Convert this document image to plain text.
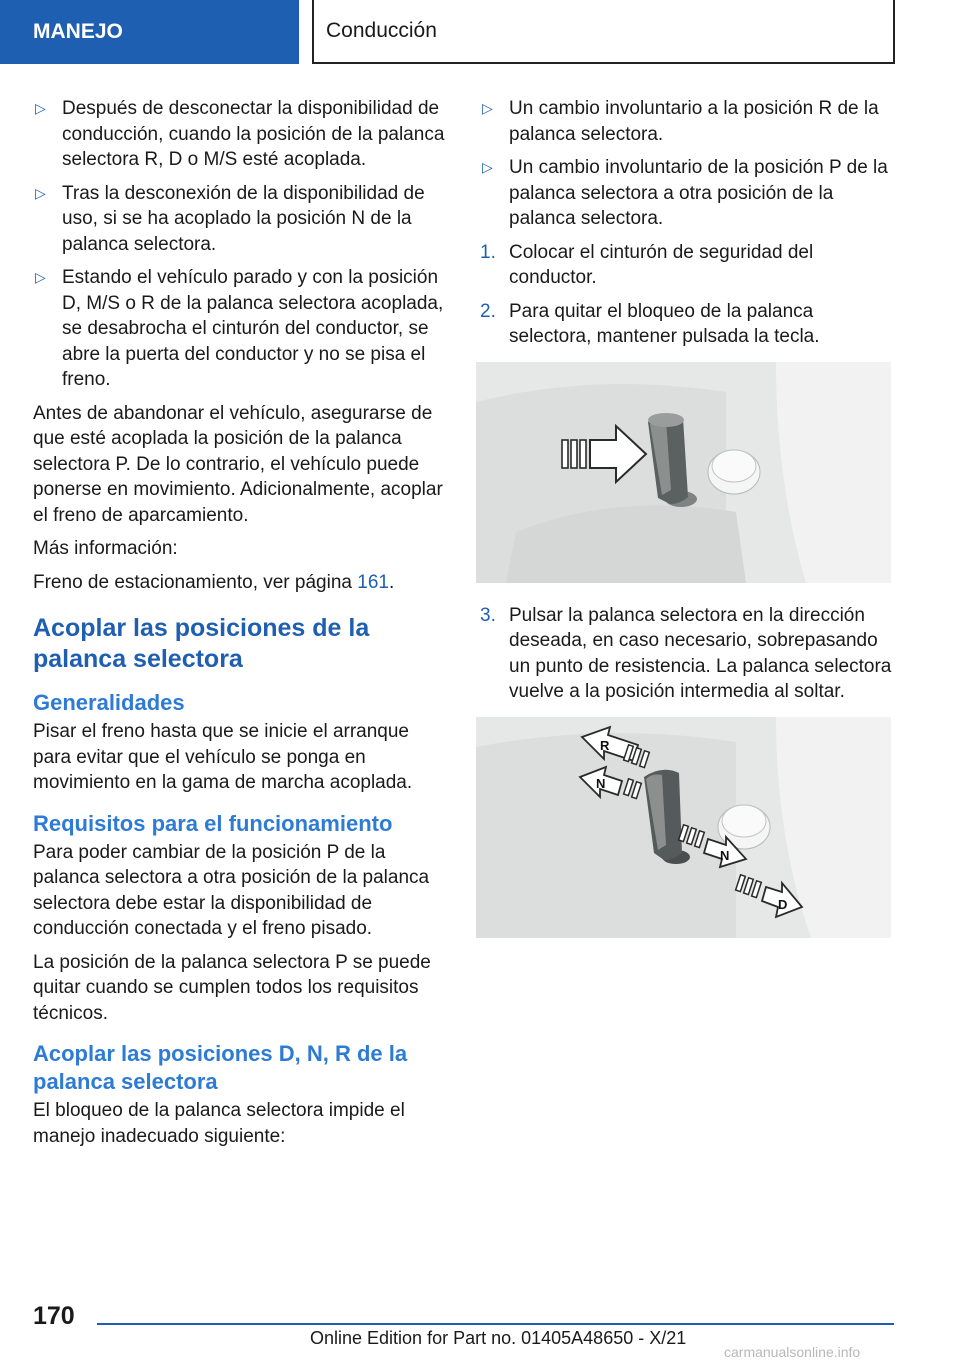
MANEJO	Conducción
▷ Después de desconectar la disponibilidad de conducción, cuando la posición de la palanca selectora R, D o M/S esté acoplada.
▷ Tras la desconexión de la disponibilidad de uso, si se ha acoplado la posición N de la palanca selectora.
▷ Estando el vehículo parado y con la posición D, M/S o R de la palanca selectora acoplada, se desabrocha el cinturón del conductor, se abre la puerta del conductor y no se pisa el freno.

Antes de abandonar el vehículo, asegurarse de que esté acoplada la posición de la palanca selectora P. De lo contrario, el vehículo puede ponerse en movimiento. Adicionalmente, acoplar el freno de aparcamiento.

Más información:

Freno de estacionamiento, ver página 161.

Acoplar las posiciones de la palanca selectora
Generalidades

Pisar el freno hasta que se inicie el arranque para evitar que el vehículo se ponga en movimiento en la gama de marcha acoplada.

Requisitos para el funcionamiento

Para poder cambiar de la posición P de la palanca selectora a otra posición de la palanca selectora debe estar la disponibilidad de conducción conectada y el freno pisado.

La posición de la palanca selectora P se puede quitar cuando se cumplen todos los requisitos técnicos.

Acoplar las posiciones D, N, R de la palanca selectora

El bloqueo de la palanca selectora impide el manejo inadecuado siguiente:

▷ Un cambio involuntario a la posición R de la palanca selectora.
▷ Un cambio involuntario de la posición P de la palanca selectora a otra posición de la palanca selectora.
1. Colocar el cinturón de seguridad del conductor.
2. Para quitar el bloqueo de la palanca selectora, mantener pulsada la tecla.
3. Pulsar la palanca selectora en la dirección deseada, en caso necesario, sobrepasando un punto de resistencia. La palanca selectora vuelve a la posición intermedia al soltar.
R
N
N
D
170
Online Edition for Part no. 01405A48650 - X/21
carmanualsonline.info
